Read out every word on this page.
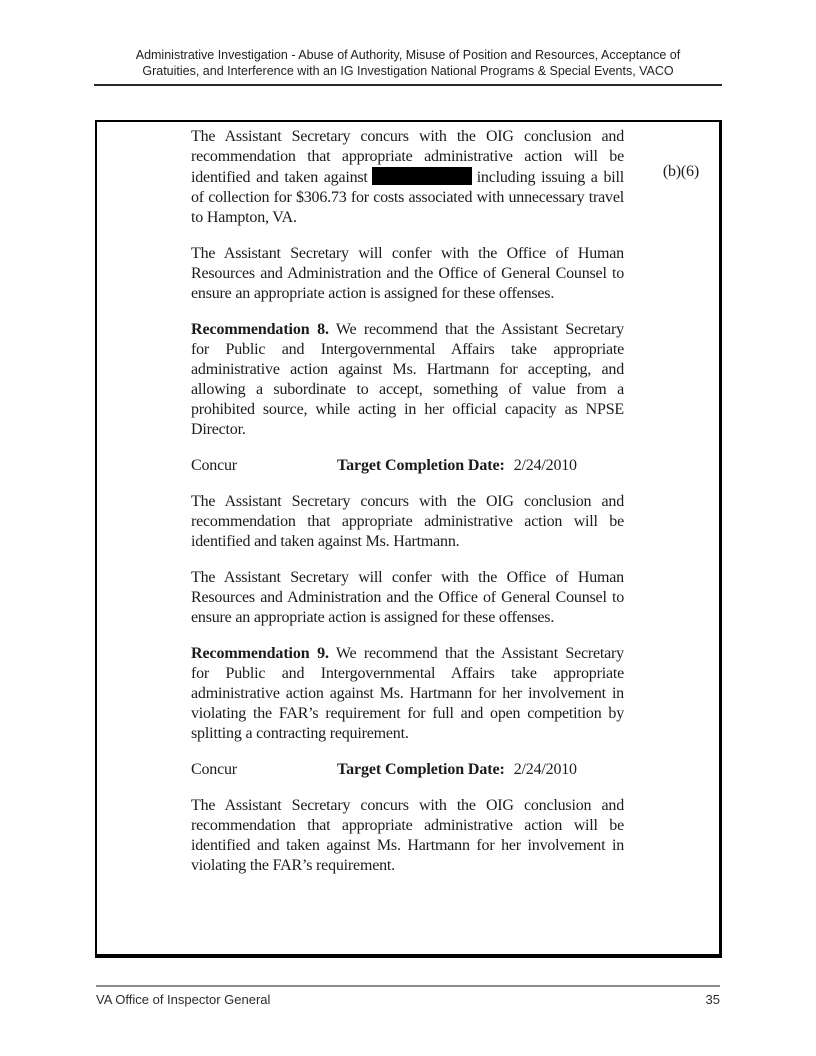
Administrative Investigation - Abuse of Authority, Misuse of Position and Resources, Acceptance of
Gratuities, and Interference with an IG Investigation National Programs & Special Events, VACO
(b)(6)

The Assistant Secretary concurs with the OIG conclusion and recommendation that appropriate administrative action will be identified and taken against	including issuing a bill of collection for $306.73 for costs associated with unnecessary travel to Hampton, VA.

The Assistant Secretary will confer with the Office of Human Resources and Administration and the Office of General Counsel to ensure an appropriate action is assigned for these offenses.

Recommendation 8. We recommend that the Assistant Secretary for Public and Intergovernmental Affairs take appropriate administrative action against Ms. Hartmann for accepting, and allowing a subordinate to accept, something of value from a prohibited source, while acting in her official capacity as NPSE Director.

Concur	Target Completion Date: 2/24/2010

The Assistant Secretary concurs with the OIG conclusion and recommendation that appropriate administrative action will be identified and taken against Ms. Hartmann.

The Assistant Secretary will confer with the Office of Human Resources and Administration and the Office of General Counsel to ensure an appropriate action is assigned for these offenses.

Recommendation 9. We recommend that the Assistant Secretary for Public and Intergovernmental Affairs take appropriate administrative action against Ms. Hartmann for her involvement in violating the FAR’s requirement for full and open competition by splitting a contracting requirement.

Concur	Target Completion Date: 2/24/2010

The Assistant Secretary concurs with the OIG conclusion and recommendation that appropriate administrative action will be identified and taken against Ms. Hartmann for her involvement in violating the FAR’s requirement.

VA Office of Inspector General	35
